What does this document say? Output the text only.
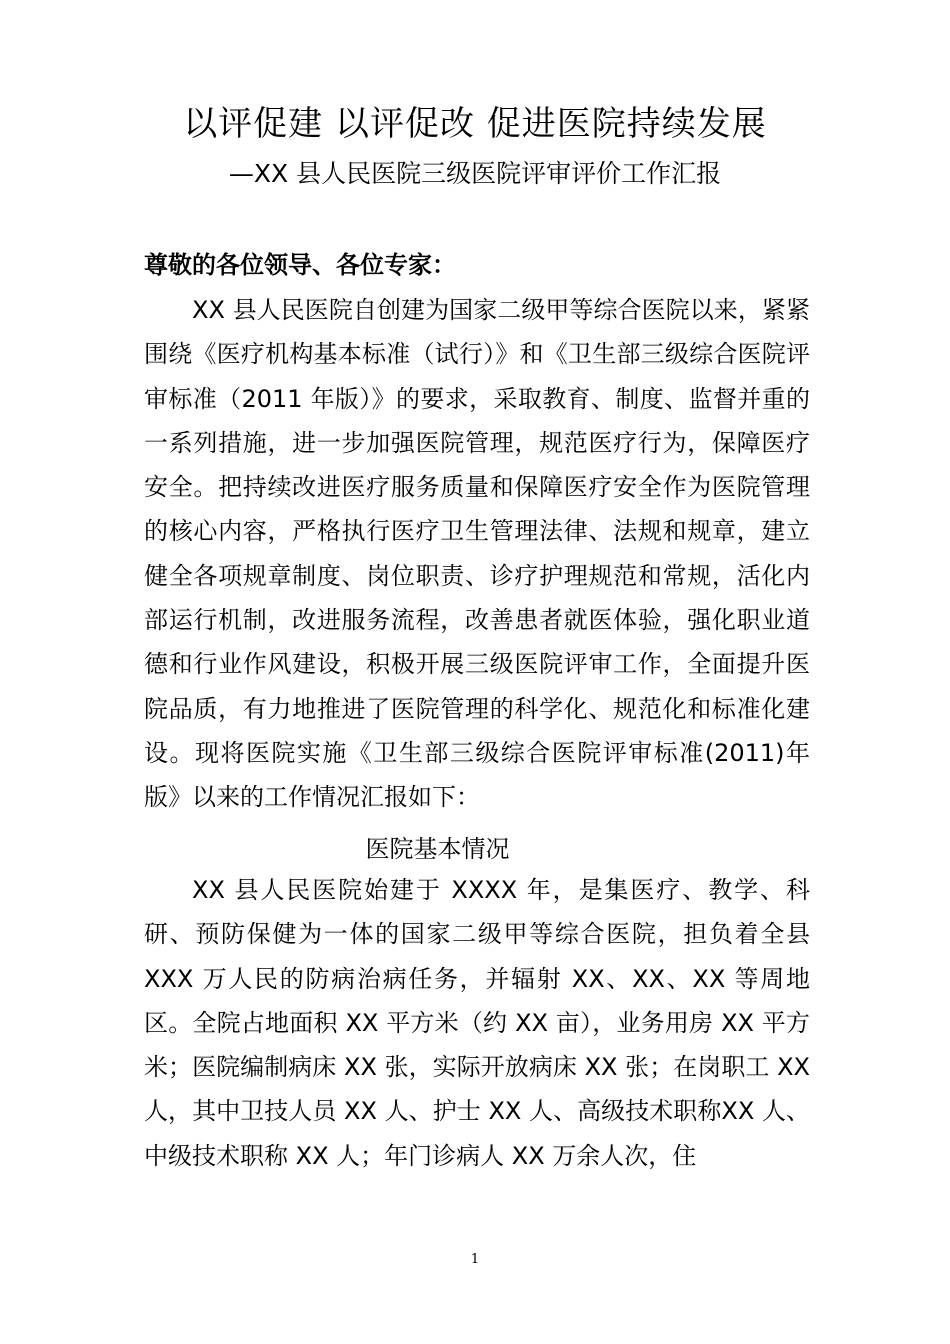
以评促建 以评促改 促进医院持续发展
—XX 县人民医院三级医院评审评价工作汇报
尊敬的各位领导、各位专家：

XX 县人民医院自创建为国家二级甲等综合医院以来，紧紧围绕《医疗机构基本标准（试行）》和《卫生部三级综合医院评审标准（2011 年版）》的要求，采取教育、制度、监督并重的一系列措施，进一步加强医院管理，规范医疗行为，保障医疗安全。把持续改进医疗服务质量和保障医疗安全作为医院管理的核心内容，严格执行医疗卫生管理法律、法规和规章，建立健全各项规章制度、岗位职责、诊疗护理规范和常规，活化内部运行机制，改进服务流程，改善患者就医体验，强化职业道德和行业作风建设，积极开展三级医院评审工作，全面提升医院品质，有力地推进了医院管理的科学化、规范化和标准化建设。现将医院实施《卫生部三级综合医院评审标准(2011)年版》以来的工作情况汇报如下：

医院基本情况

XX 县人民医院始建于 XXXX 年，是集医疗、教学、科研、预防保健为一体的国家二级甲等综合医院，担负着全县XXX 万人民的防病治病任务，并辐射 XX、XX、XX 等周地区。全院占地面积 XX 平方米（约 XX 亩），业务用房 XX 平方米；医院编制病床 XX 张，实际开放病床 XX 张；在岗职工 XX 人，其中卫技人员 XX 人、护士 XX 人、高级技术职称XX 人、中级技术职称 XX 人；年门诊病人 XX 万余人次，住

1
